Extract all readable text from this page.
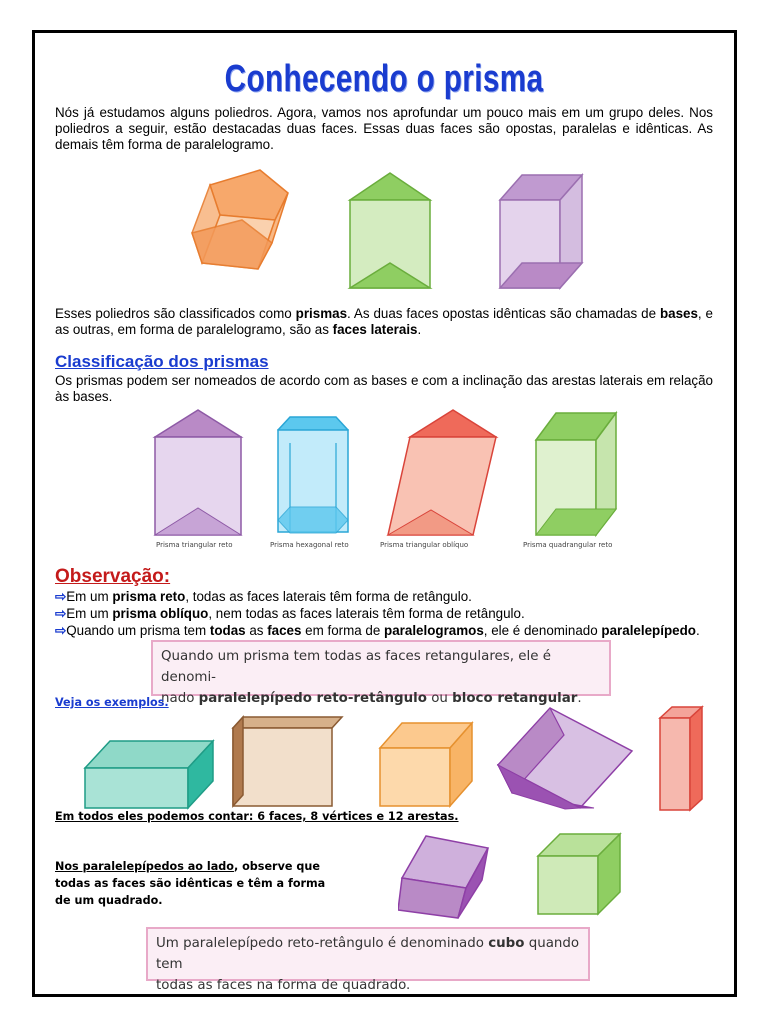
Conhecendo o prisma
Nós já estudamos alguns poliedros. Agora, vamos nos aprofundar um pouco mais em um grupo deles. Nos poliedros a seguir, estão destacadas duas faces. Essas duas faces são opostas, paralelas e idênticas. As demais têm forma de paralelogramo.
Esses poliedros são classificados como prismas. As duas faces opostas idênticas são chamadas de bases, e as outras, em forma de paralelogramo, são as faces laterais.
Classificação dos prismas
Os prismas podem ser nomeados de acordo com as bases e com a inclinação das arestas laterais em relação às bases.
Prisma triangular reto	Prisma hexagonal reto	Prisma triangular oblíquo	Prisma quadrangular reto
Observação:
⇨Em um prisma reto, todas as faces laterais têm forma de retângulo.
⇨Em um prisma oblíquo, nem todas as faces laterais têm forma de retângulo.
⇨Quando um prisma tem todas as faces em forma de paralelogramos, ele é denominado paralelepípedo.
Quando um prisma tem todas as faces retangulares, ele é denomi-
nado paralelepípedo reto-retângulo ou bloco retangular.
Veja os exemplos.
Em todos eles podemos contar: 6 faces, 8 vértices e 12 arestas.
Nos paralelepípedos ao lado, observe que
todas as faces são idênticas e têm a forma
de um quadrado.
Um paralelepípedo reto-retângulo é denominado cubo quando tem
todas as faces na forma de quadrado.
